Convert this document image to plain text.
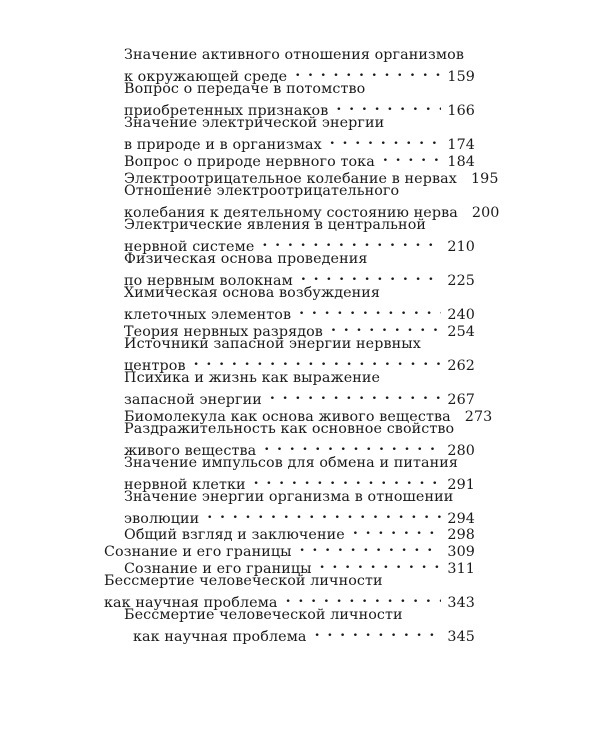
Значение активного отношения организмов
к окружающей среде . . .	159
Вопрос о передаче в потомство
приобретенных признаков . . .	166
Значение электрической энергии
в природе и в организмах . . .	174
Вопрос о природе нервного тока . . .	184
Электроотрицательное колебание в нервах 195
Отношение электроотрицательного
колебания к деятельному состоянию нерва 200
Электрические явления в центральной
нервной системе . . .	210
Физическая основа проведения
по нервным волокнам . . .	225
Химическая основа возбуждения
клеточных элементов . . .	240
Теория нервных разрядов . . .	254
Источники запасной энергии нервных
центров . . .	262
Психика и жизнь как выражение
запасной энергии . . .	267
Биомолекула как основа живого вещества 273
Раздражительность как основное свойство
живого вещества . . .	280
Значение импульсов для обмена и питания
нервной клетки . . .	291
Значение энергии организма в отношении
эволюции . . .	294
Общий взгляд и заключение . . .	298
Сознание и его границы . . .	309
Сознание и его границы . . .	311
Бессмертие человеческой личности
как научная проблема . . .	343
Бессмертие человеческой личности
как научная проблема . . .	345
